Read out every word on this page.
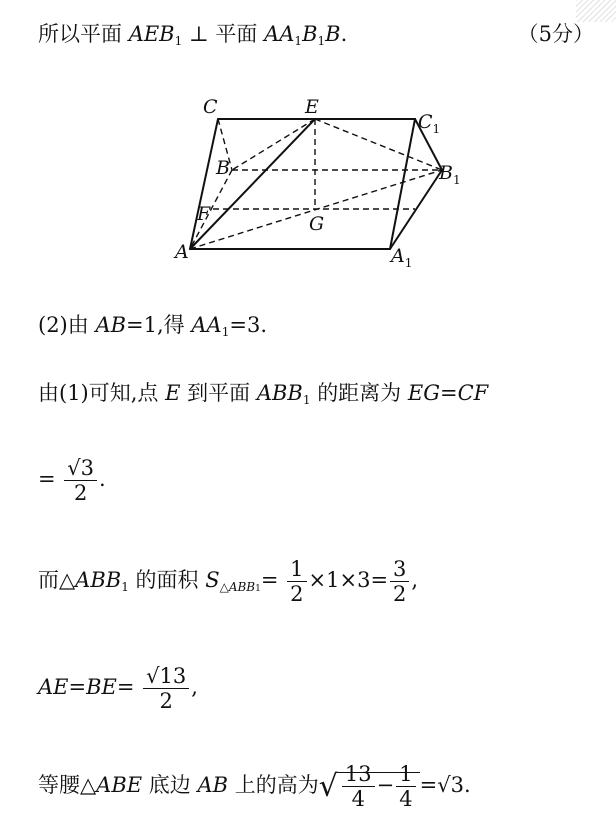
所以平面 $AEB_1$ ⊥ 平面 $AA_1B_1B$.	（5分）
C	E
$C_1$
B	$B_1$
F	G
A	$A_1$
(2)由 AB=1,得 $AA_1=3$.
由(1)可知,点 E 到平面 $ABB_1$ 的距离为 EG=CF
= $\frac{√3}{2}$ .
而$\triangle ABB_1$ 的面积 $S_{\triangle ABB1}= \frac{1}{2} \times 1\times 3= \frac{3}{2}$ ,
$AE=BE= \frac{√13}{2}$ ,
等腰△ABE 底边 AB 上的高为√ $\frac{13}{4} - \frac{1}{4} =√3$.
